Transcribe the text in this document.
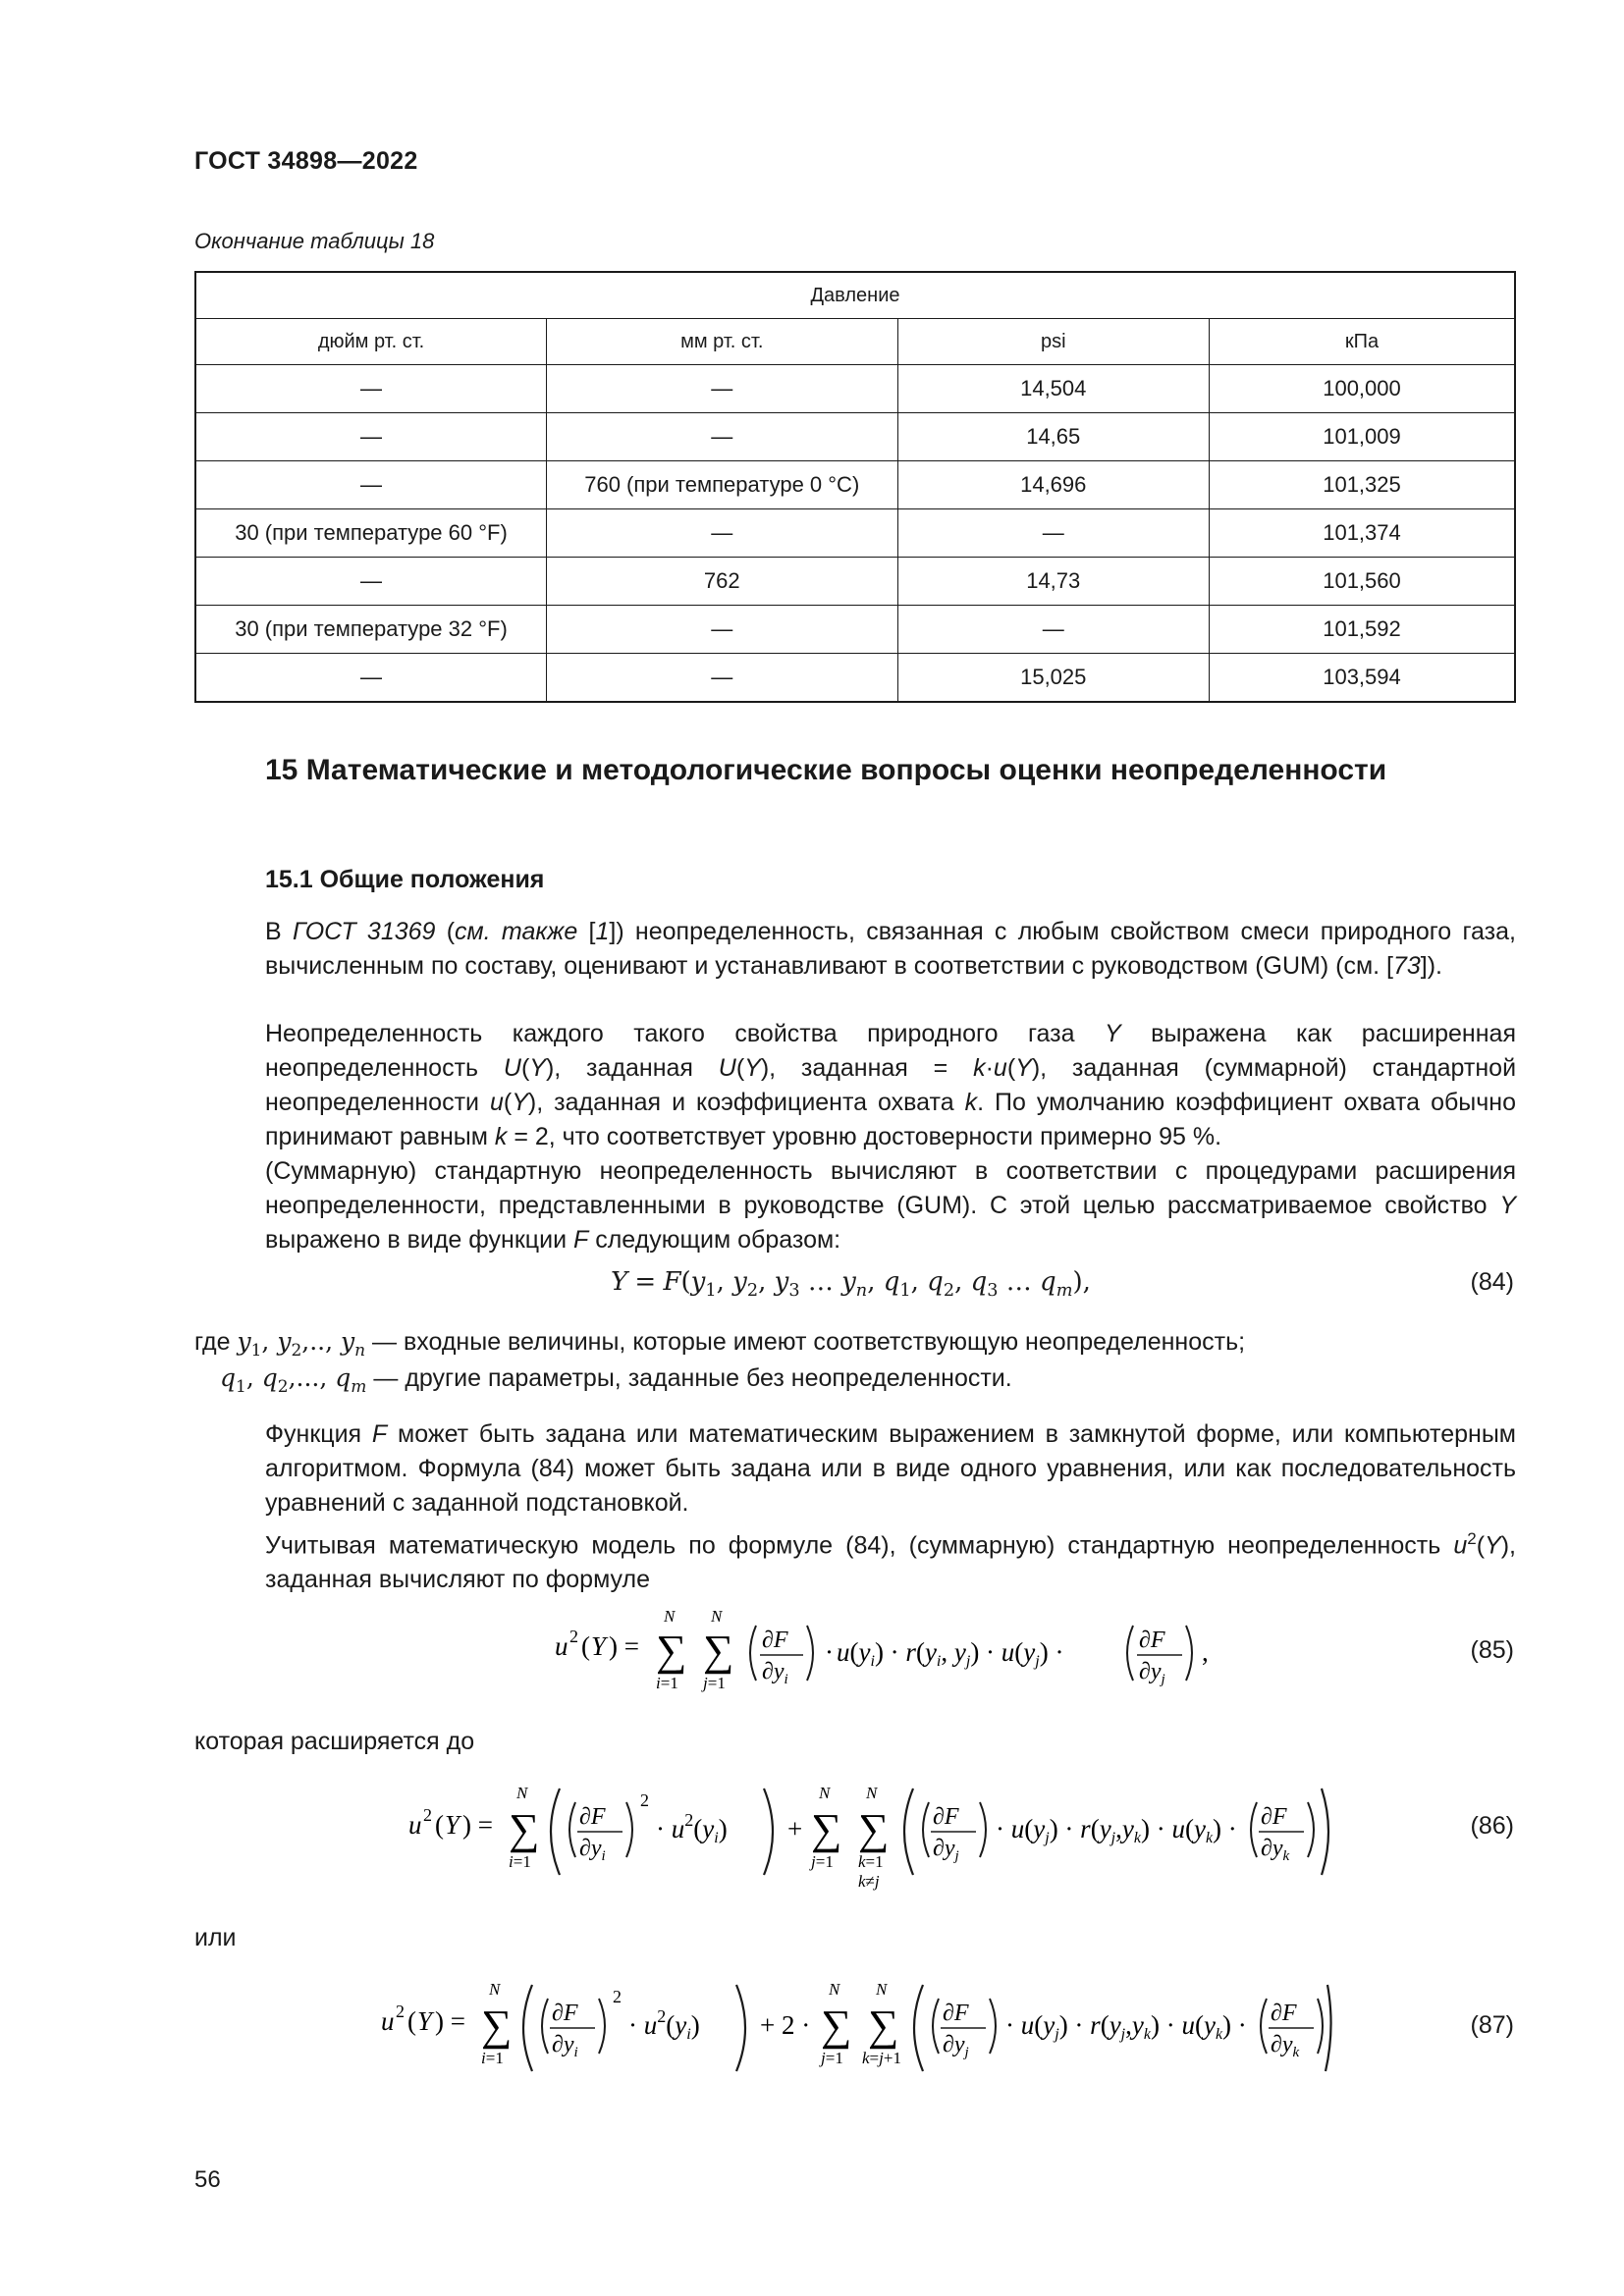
ГОСТ 34898—2022
Окончание таблицы 18
Давление			
дюйм рт. ст.	мм рт. ст.	psi	кПа
—	—	14,504	100,000
—	—	14,65	101,009
—	760 (при температуре 0 °С)	14,696	101,325
30 (при температуре 60 °F)	—	—	101,374
—	762	14,73	101,560
30 (при температуре 32 °F)	—	—	101,592
—	—	15,025	103,594
15 Математические и методологические вопросы оценки неопределенности
15.1 Общие положения
В ГОСТ 31369 (см. также [1]) неопределенность, связанная с любым свойством смеси природного газа, вычисленным по составу, оценивают и устанавливают в соответствии с руководством (GUM) (см. [73]).
Неопределенность каждого такого свойства природного газа Y выражена как расширенная неопределенность U(Y), заданная U(Y), заданная = k·u(Y), заданная (суммарной) стандартной неопределенности u(Y), заданная и коэффициента охвата k. По умолчанию коэффициент охвата обычно принимают равным k = 2, что соответствует уровню достоверности примерно 95 %.
(Суммарную) стандартную неопределенность вычисляют в соответствии с процедурами расширения неопределенности, представленными в руководстве (GUM). С этой целью рассматриваемое свойство Y выражено в виде функции F следующим образом:
$Y = F(y_1$, $y_2$, $y_3$ … $y_n$, $q_1$, $q_2$, $q_3$ … $q_m$),	(84)
где $y_1$, $y_2$,.., $y_n$ — входные величины, которые имеют соответствующую неопределенность;
$q_1$, $q_2$,..., $q_m$ — другие параметры, заданные без неопределенности.
Функция F может быть задана или математическим выражением в замкнутой форме, или компьютерным алгоритмом. Формула (84) может быть задана или в виде одного уравнения, или как последовательность уравнений с заданной подстановкой.
Учитывая математическую модель по формуле (84), (суммарную) стандартную неопределенность $u^2(Y)$, заданная вычисляют по формуле
u 2 ( Y ) = ∑
N
i=1
∑
N
j=1
∂F
$\partial y_i$
· u(yi) · r(yi, yj) · u(yj) ·	∂F
$\partial y_j$
,	(85)
которая расширяется до
u 2 ( Y ) = ∑
N
i=1
∂F
$\partial y_i$
2
· $u^2(yi)$ + ∑
N
j=1
∑
N
k=1
k≠j
∂F
$\partial y_j$
· u(yj) · r(yj,yk) · u(yk) · ∂F
$\partial y_k$
(86)
или
u 2 ( Y ) = ∑
N
i=1
∂F
$\partial y_i$
2
· $u^2(yi) + 2$ · ∑
N
j=1
∑
N
k=j+1
∂F
$\partial y_j$
· u(yj) · r(yj,yk) · u(yk) · ∂F
$\partial y_k$
(87)
56
